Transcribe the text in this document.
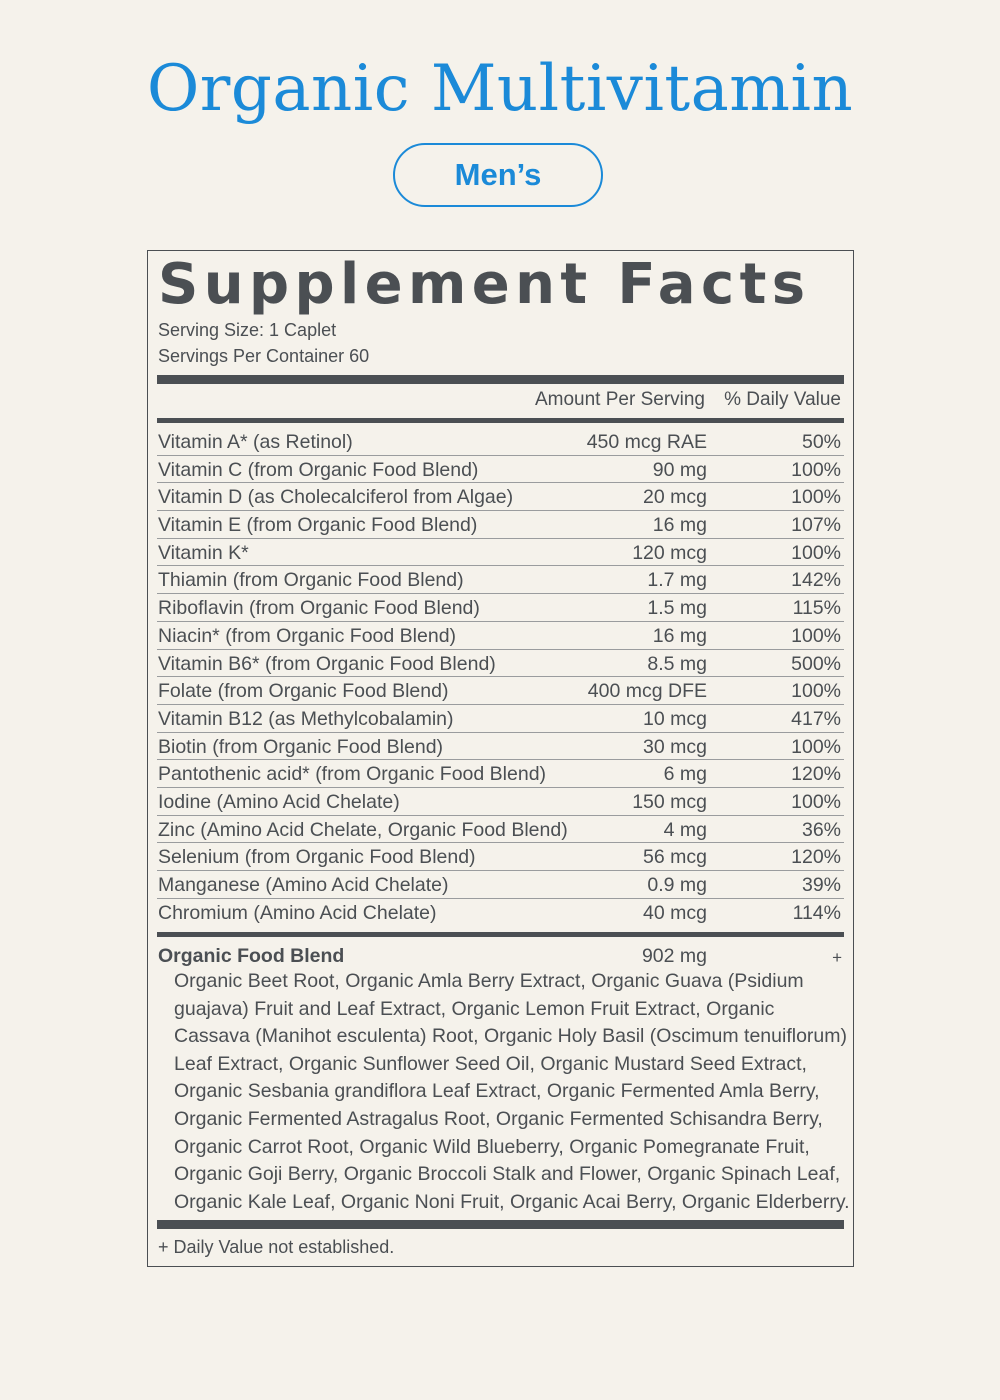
Organic Multivitamin
Men’s
Supplement Facts
Serving Size: 1 Caplet
Servings Per Container 60
Amount Per Serving % Daily Value
Vitamin A* (as Retinol)	450 mcg RAE	50%
Vitamin C (from Organic Food Blend)	90 mg	100%
Vitamin D (as Cholecalciferol from Algae)	20 mcg	100%
Vitamin E (from Organic Food Blend)	16 mg	107%
Vitamin K*	120 mcg	100%
Thiamin (from Organic Food Blend)	1.7 mg	142%
Riboflavin (from Organic Food Blend)	1.5 mg	115%
Niacin* (from Organic Food Blend)	16 mg	100%
Vitamin B6* (from Organic Food Blend)	8.5 mg	500%
Folate (from Organic Food Blend)	400 mcg DFE	100%
Vitamin B12 (as Methylcobalamin)	10 mcg	417%
Biotin (from Organic Food Blend)	30 mcg	100%
Pantothenic acid* (from Organic Food Blend)	6 mg	120%
Iodine (Amino Acid Chelate)	150 mcg	100%
Zinc (Amino Acid Chelate, Organic Food Blend)	4 mg	36%
Selenium (from Organic Food Blend)	56 mcg	120%
Manganese (Amino Acid Chelate)	0.9 mg	39%
Chromium (Amino Acid Chelate)	40 mcg	114%
Organic Food Blend	902 mg	+
Organic Beet Root, Organic Amla Berry Extract, Organic Guava (Psidium
guajava) Fruit and Leaf Extract, Organic Lemon Fruit Extract, Organic
Cassava (Manihot esculenta) Root, Organic Holy Basil (Oscimum tenuiflorum)
Leaf Extract, Organic Sunflower Seed Oil, Organic Mustard Seed Extract,
Organic Sesbania grandiflora Leaf Extract, Organic Fermented Amla Berry,
Organic Fermented Astragalus Root, Organic Fermented Schisandra Berry,
Organic Carrot Root, Organic Wild Blueberry, Organic Pomegranate Fruit,
Organic Goji Berry, Organic Broccoli Stalk and Flower, Organic Spinach Leaf,
Organic Kale Leaf, Organic Noni Fruit, Organic Acai Berry, Organic Elderberry.
+ Daily Value not established.
